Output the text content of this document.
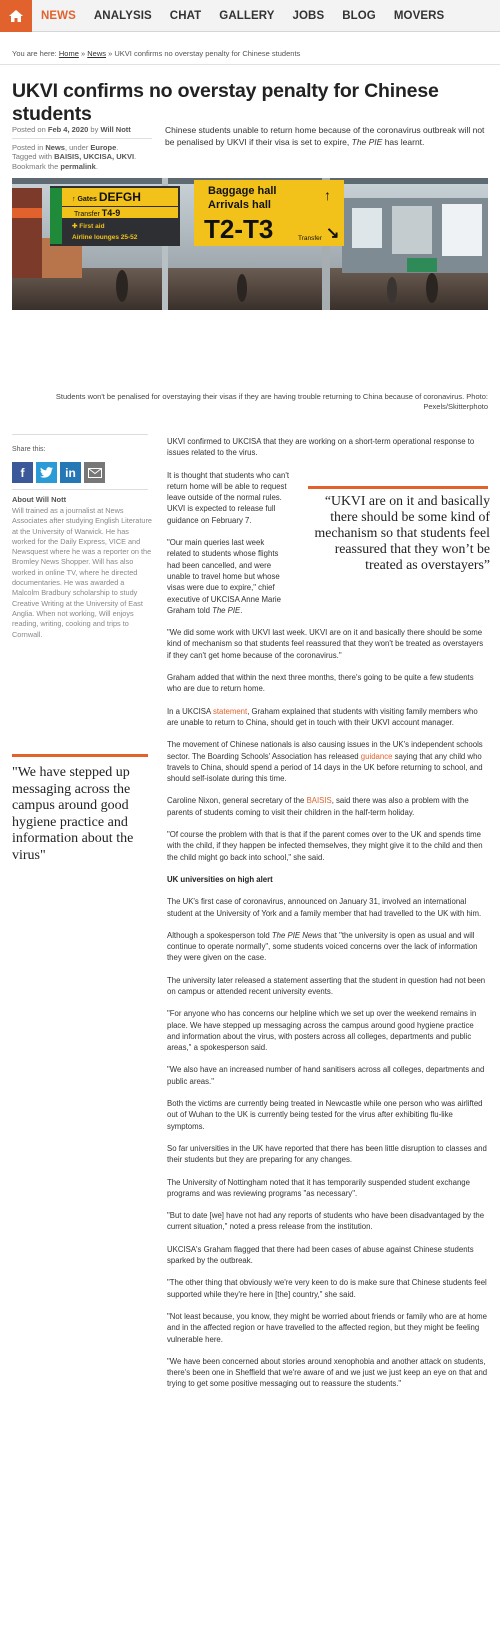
NEWS	ANALYSIS	CHAT	GALLERY	JOBS	BLOG	MOVERS
You are here: Home » News » UKVI confirms no overstay penalty for Chinese students
UKVI confirms no overstay penalty for Chinese students
Posted on Feb 4, 2020 by Will Nott
Posted in News, under Europe.
Tagged with BAISIS, UKCISA, UKVI.
Bookmark the permalink.
Chinese students unable to return home because of the coronavirus outbreak will not be penalised by UKVI if their visa is set to expire, The PIE has learnt.
↑ Gates DEFGH
Transfer T4-9
✚ First aid
Airline lounges 25-52
Baggage hall
Arrivals hall
↑
T2-T3	Transfer ↘
Students won't be penalised for overstaying their visas if they are having trouble returning to China because of coronavirus. Photo: Pexels/Skitterphoto
Share this:
f	in
About Will Nott
Will trained as a journalist at News Associates after studying English Literature at the University of Warwick. He has worked for the Daily Express, VICE and Newsquest where he was a reporter on the Bromley News Shopper. Will has also worked in online TV, where he directed documentaries. He was awarded a Malcolm Bradbury scholarship to study Creative Writing at the University of East Anglia. When not working, Will enjoys reading, writing, cooking and trips to Cornwall.
"We have stepped up messaging across the campus around good hygiene practice and information about the virus"
“UKVI are on it and basically there should be some kind of mechanism so that students feel reassured that they won’t be treated as overstayers”

UKVI confirmed to UKCISA that they are working on a short-term operational response to issues related to the virus.

It is thought that students who can't return home will be able to request leave outside of the normal rules. UKVI is expected to release full guidance on February 7.

"Our main queries last week related to students whose flights had been cancelled, and were unable to travel home but whose visas were due to expire," chief executive of UKCISA Anne Marie Graham told The PIE.

"We did some work with UKVI last week. UKVI are on it and basically there should be some kind of mechanism so that students feel reassured that they won't be treated as overstayers if they can't get home because of the coronavirus."

Graham added that within the next three months, there's going to be quite a few students who are due to return home.

In a UKCISA statement, Graham explained that students with visiting family members who are unable to return to China, should get in touch with their UKVI account manager.

The movement of Chinese nationals is also causing issues in the UK's independent schools sector. The Boarding Schools' Association has released guidance saying that any child who travels to China, should spend a period of 14 days in the UK before returning to school, and should self-isolate during this time.

Caroline Nixon, general secretary of the BAISIS, said there was also a problem with the parents of students coming to visit their children in the half-term holiday.

"Of course the problem with that is that if the parent comes over to the UK and spends time with the child, if they happen be infected themselves, they might give it to the child and then the child might go back into school," she said.

UK universities on high alert

The UK's first case of coronavirus, announced on January 31, involved an international student at the University of York and a family member that had travelled to the UK with him.

Although a spokesperson told The PIE News that "the university is open as usual and will continue to operate normally", some students voiced concerns over the lack of information they were given on the case.

The university later released a statement asserting that the student in question had not been on campus or attended recent university events.

"For anyone who has concerns our helpline which we set up over the weekend remains in place. We have stepped up messaging across the campus around good hygiene practice and information about the virus, with posters across all colleges, departments and public areas," a spokesperson said.

"We also have an increased number of hand sanitisers across all colleges, departments and public areas."

Both the victims are currently being treated in Newcastle while one person who was airlifted out of Wuhan to the UK is currently being tested for the virus after exhibiting flu-like symptoms.

So far universities in the UK have reported that there has been little disruption to classes and their students but they are preparing for any changes.

The University of Nottingham noted that it has temporarily suspended student exchange programs and was reviewing programs "as necessary".

"But to date [we] have not had any reports of students who have been disadvantaged by the current situation," noted a press release from the institution.

UKCISA's Graham flagged that there had been cases of abuse against Chinese students sparked by the outbreak.

"The other thing that obviously we're very keen to do is make sure that Chinese students feel supported while they're here in [the] country," she said.

"Not least because, you know, they might be worried about friends or family who are at home and in the affected region or have travelled to the affected region, but they might be feeling vulnerable here.

"We have been concerned about stories around xenophobia and another attack on students, there's been one in Sheffield that we're aware of and we just we just keep an eye on that and trying to get some positive messaging out to reassure the students."
